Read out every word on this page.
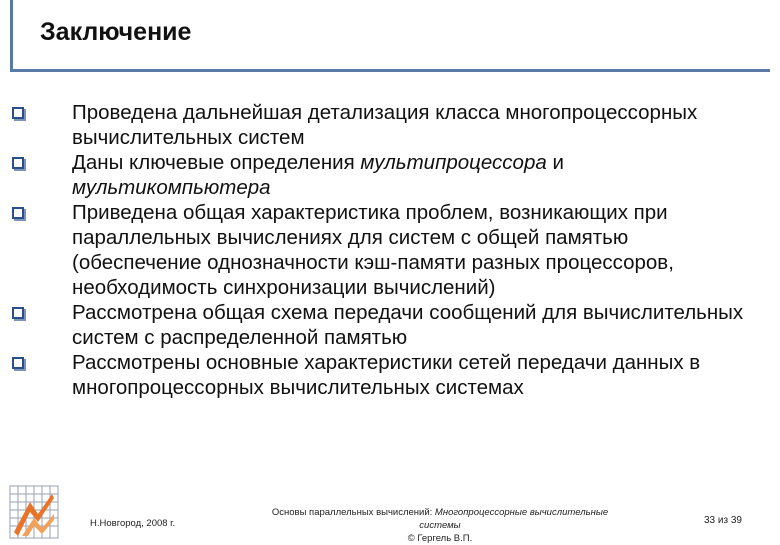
Заключение
Проведена дальнейшая детализация класса многопроцессорных вычислительных систем
Даны ключевые определения мультипроцессора и мультикомпьютера
Приведена общая характеристика проблем, возникающих при параллельных вычислениях для систем с общей памятью (обеспечение однозначности кэш-памяти разных процессоров, необходимость синхронизации вычислений)
Рассмотрена общая схема передачи сообщений для вычислительных систем с распределенной памятью
Рассмотрены основные характеристики сетей передачи данных в многопроцессорных вычислительных системах
Н.Новгород, 2008 г.
Основы параллельных вычислений: Многопроцессорные вычислительные системы
© Гергель В.П.
33 из 39
